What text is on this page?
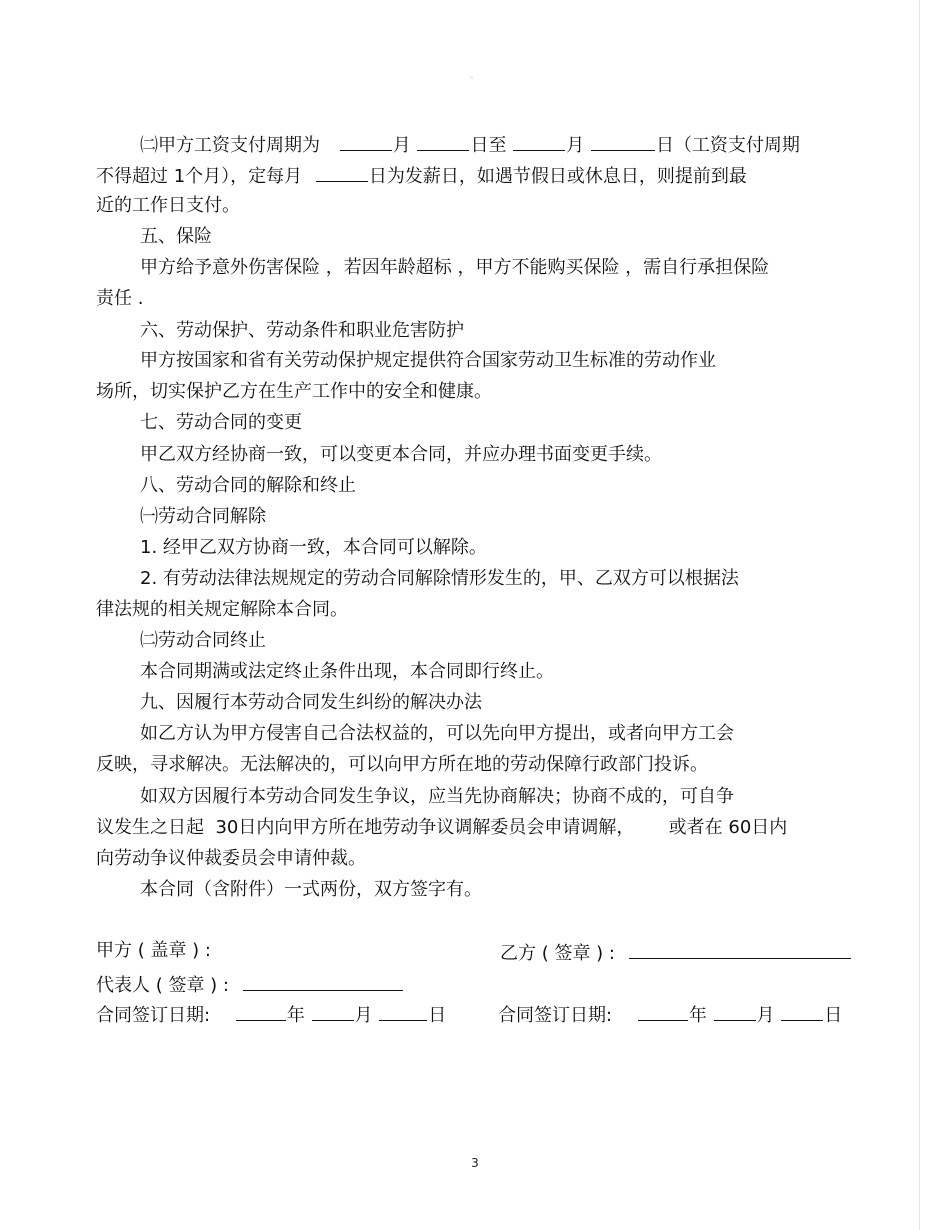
。
㈡甲方工资支付周期为	月	日至	月	日（工资支付周期
不得超过 1个月），定每月	日为发薪日，如遇节假日或休息日，则提前到最
近的工作日支付。
五、保险
甲方给予意外伤害保险 ，若因年龄超标 ，甲方不能购买保险 ，需自行承担保险
责任 .
六、劳动保护、劳动条件和职业危害防护
甲方按国家和省有关劳动保护规定提供符合国家劳动卫生标准的劳动作业
场所，切实保护乙方在生产工作中的安全和健康。
七、劳动合同的变更
甲乙双方经协商一致，可以变更本合同，并应办理书面变更手续。
八、劳动合同的解除和终止
㈠劳动合同解除
1. 经甲乙双方协商一致，本合同可以解除。
2. 有劳动法律法规规定的劳动合同解除情形发生的，甲、乙双方可以根据法
律法规的相关规定解除本合同。
㈡劳动合同终止
本合同期满或法定终止条件出现，本合同即行终止。
九、因履行本劳动合同发生纠纷的解决办法
如乙方认为甲方侵害自己合法权益的，可以先向甲方提出，或者向甲方工会
反映，寻求解决。无法解决的，可以向甲方所在地的劳动保障行政部门投诉。
如双方因履行本劳动合同发生争议，应当先协商解决；协商不成的，可自争
议发生之日起  30日内向甲方所在地劳动争议调解委员会申请调解，      或者在 60日内
向劳动争议仲裁委员会申请仲裁。
本合同（含附件）一式两份，双方签字有。
甲方 ( 盖章 ) :	乙方 ( 签章 ) :
代表人 ( 签章 ) :
合同签订日期:	年	月	日	合同签订日期:	年	月	日
3
